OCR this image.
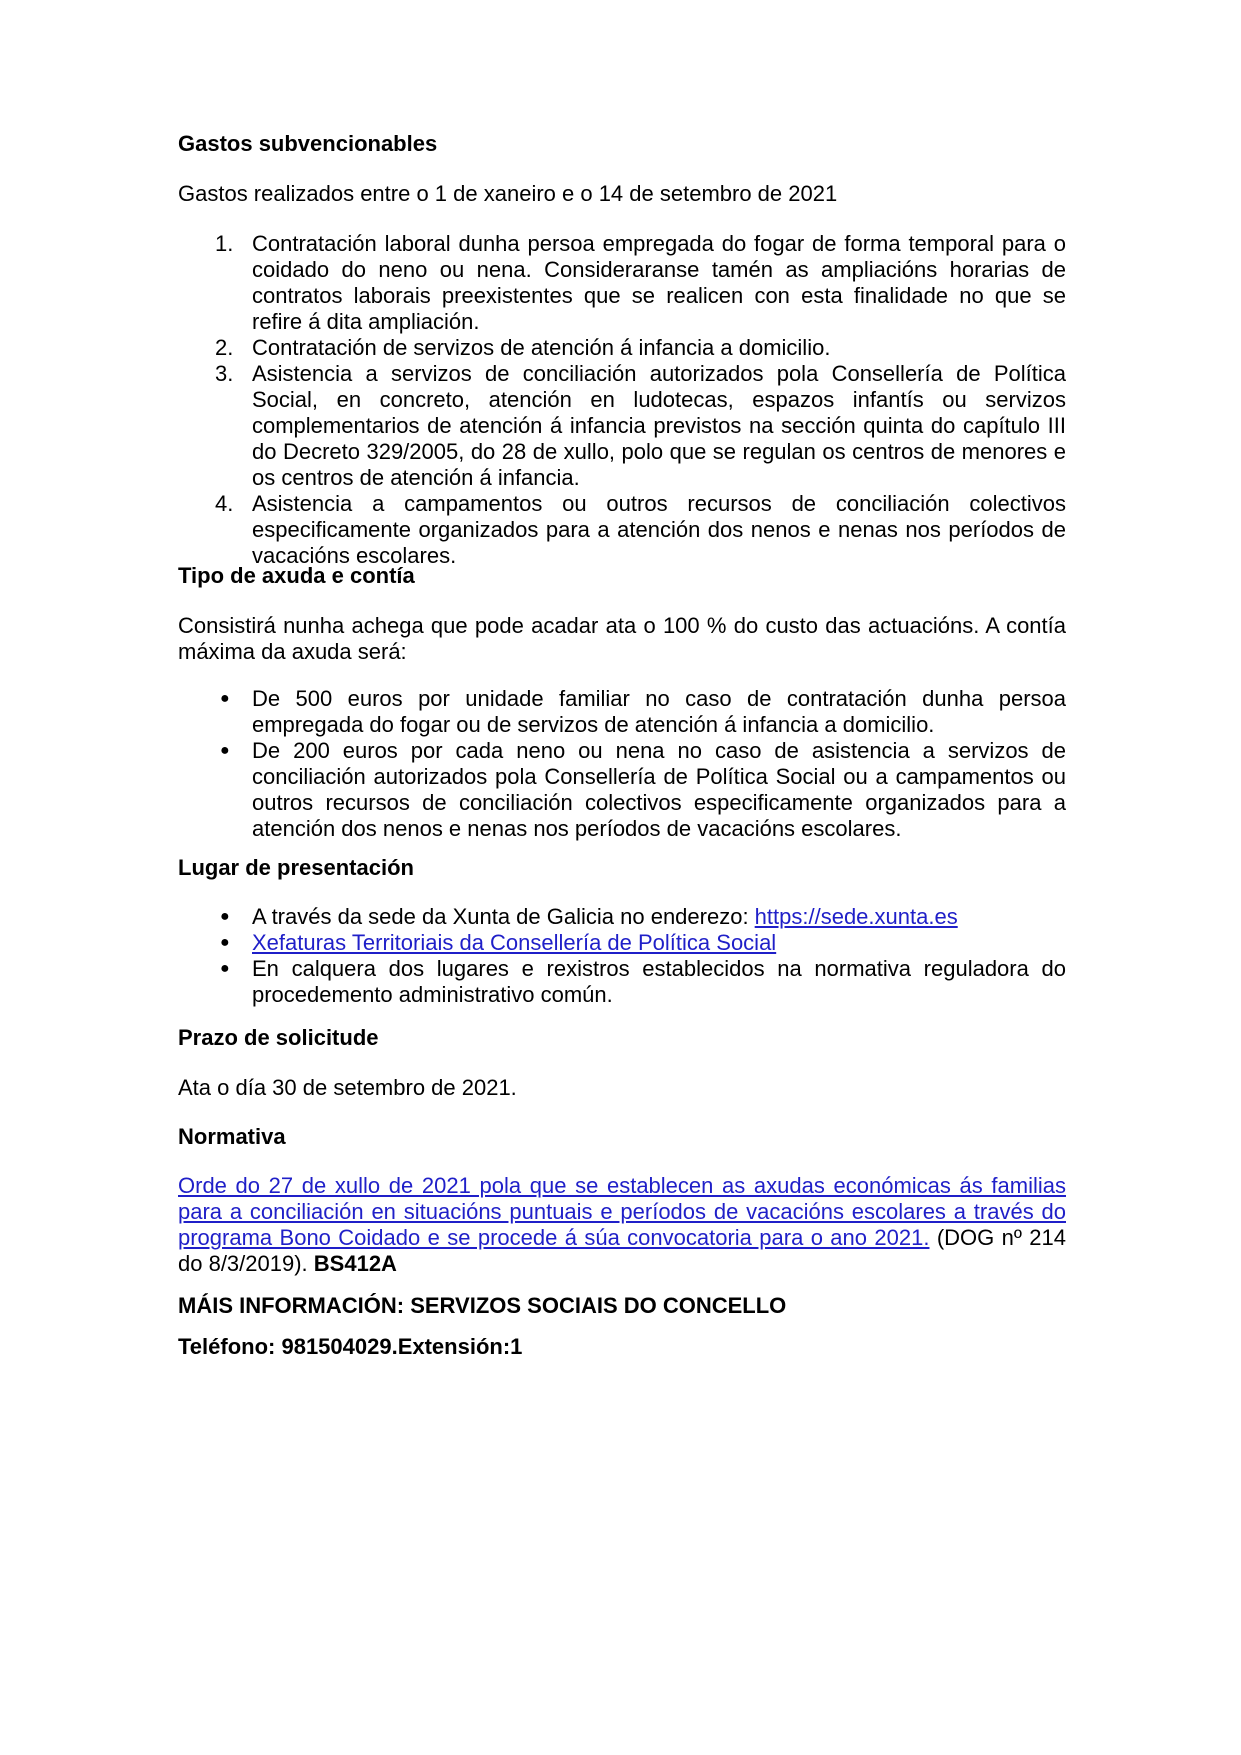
Gastos subvencionables
Gastos realizados entre o 1 de xaneiro e o 14 de setembro de 2021
1. Contratación laboral dunha persoa empregada do fogar de forma temporal para o coidado do neno ou nena. Consideraranse tamén as ampliacións horarias de contratos laborais preexistentes que se realicen con esta finalidade no que se refire á dita ampliación.
2. Contratación de servizos de atención á infancia a domicilio.
3. Asistencia a servizos de conciliación autorizados pola Consellería de Política Social, en concreto, atención en ludotecas, espazos infantís ou servizos complementarios de atención á infancia previstos na sección quinta do capítulo III do Decreto 329/2005, do 28 de xullo, polo que se regulan os centros de menores e os centros de atención á infancia.
4. Asistencia a campamentos ou outros recursos de conciliación colectivos especificamente organizados para a atención dos nenos e nenas nos períodos de vacacións escolares.
Tipo de axuda e contía
Consistirá nunha achega que pode acadar ata o 100 % do custo das actuacións. A contía máxima da axuda será:
● De 500 euros por unidade familiar no caso de contratación dunha persoa empregada do fogar ou de servizos de atención á infancia a domicilio.
● De 200 euros por cada neno ou nena no caso de asistencia a servizos de conciliación autorizados pola Consellería de Política Social ou a campamentos ou outros recursos de conciliación colectivos especificamente organizados para a atención dos nenos e nenas nos períodos de vacacións escolares.
Lugar de presentación
● A través da sede da Xunta de Galicia no enderezo: https://sede.xunta.es
● Xefaturas Territoriais da Consellería de Política Social
● En calquera dos lugares e rexistros establecidos na normativa reguladora do procedemento administrativo común.
Prazo de solicitude
Ata o día 30 de setembro de 2021.
Normativa
Orde do 27 de xullo de 2021 pola que se establecen as axudas económicas ás familias para a conciliación en situacións puntuais e períodos de vacacións escolares a través do programa Bono Coidado e se procede á súa convocatoria para o ano 2021. (DOG nº 214 do 8/3/2019). BS412A
MÁIS INFORMACIÓN: SERVIZOS SOCIAIS DO CONCELLO
Teléfono: 981504029.Extensión:1
